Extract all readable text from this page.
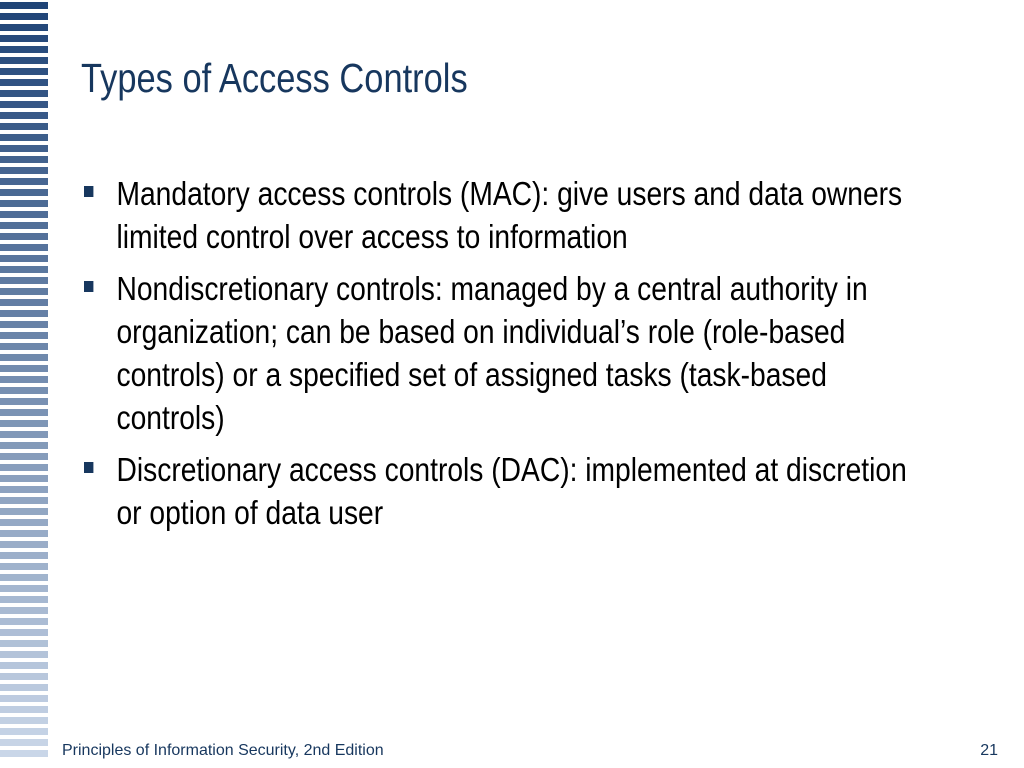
Types of Access Controls
Mandatory access controls (MAC): give users and data owners limited control over access to information
Nondiscretionary controls: managed by a central authority in organization; can be based on individual’s role (role-based controls) or a specified set of assigned tasks (task-based controls)
Discretionary access controls (DAC): implemented at discretion or option of data user
Principles of Information Security, 2nd Edition	21
